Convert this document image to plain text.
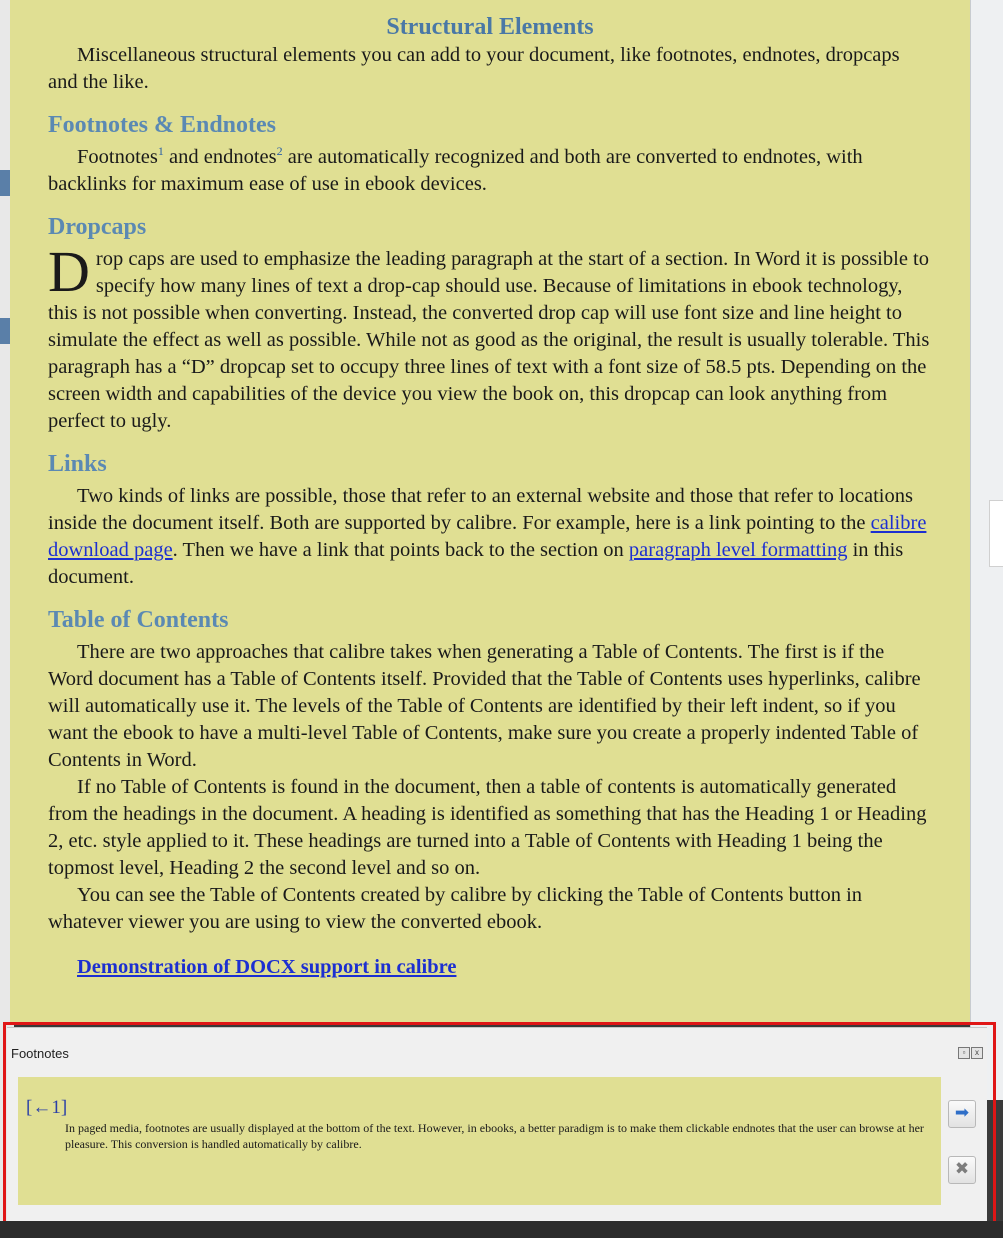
Structural Elements

Miscellaneous structural elements you can add to your document, like footnotes, endnotes, dropcaps and the like.

Footnotes & Endnotes

Footnotes$^1$ and endnotes$^2$ are automatically recognized and both are converted to endnotes, with backlinks for maximum ease of use in ebook devices.

Dropcaps

Drop caps are used to emphasize the leading paragraph at the start of a section. In Word it is possible to specify how many lines of text a drop-cap should use. Because of limitations in ebook technology, this is not possible when converting. Instead, the converted drop cap will use font size and line height to simulate the effect as well as possible. While not as good as the original, the result is usually tolerable. This paragraph has a “D” dropcap set to occupy three lines of text with a font size of 58.5 pts. Depending on the screen width and capabilities of the device you view the book on, this dropcap can look anything from perfect to ugly.

Links

Two kinds of links are possible, those that refer to an external website and those that refer to locations inside the document itself. Both are supported by calibre. For example, here is a link pointing to the calibre download page. Then we have a link that points back to the section on paragraph level formatting in this document.

Table of Contents

There are two approaches that calibre takes when generating a Table of Contents. The first is if the Word document has a Table of Contents itself. Provided that the Table of Contents uses hyperlinks, calibre will automatically use it. The levels of the Table of Contents are identified by their left indent, so if you want the ebook to have a multi-level Table of Contents, make sure you create a properly indented Table of Contents in Word.

If no Table of Contents is found in the document, then a table of contents is automatically generated from the headings in the document. A heading is identified as something that has the Heading 1 or Heading 2, etc. style applied to it. These headings are turned into a Table of Contents with Heading 1 being the topmost level, Heading 2 the second level and so on.

You can see the Table of Contents created by calibre by clicking the Table of Contents button in whatever viewer you are using to view the converted ebook.

Demonstration of DOCX support in calibre

Footnotes	▫	x
[←1]
In paged media, footnotes are usually displayed at the bottom of the text. However, in ebooks, a better paradigm is to make them clickable endnotes that the user can browse at her pleasure. This conversion is handled automatically by calibre.
➡
✖
